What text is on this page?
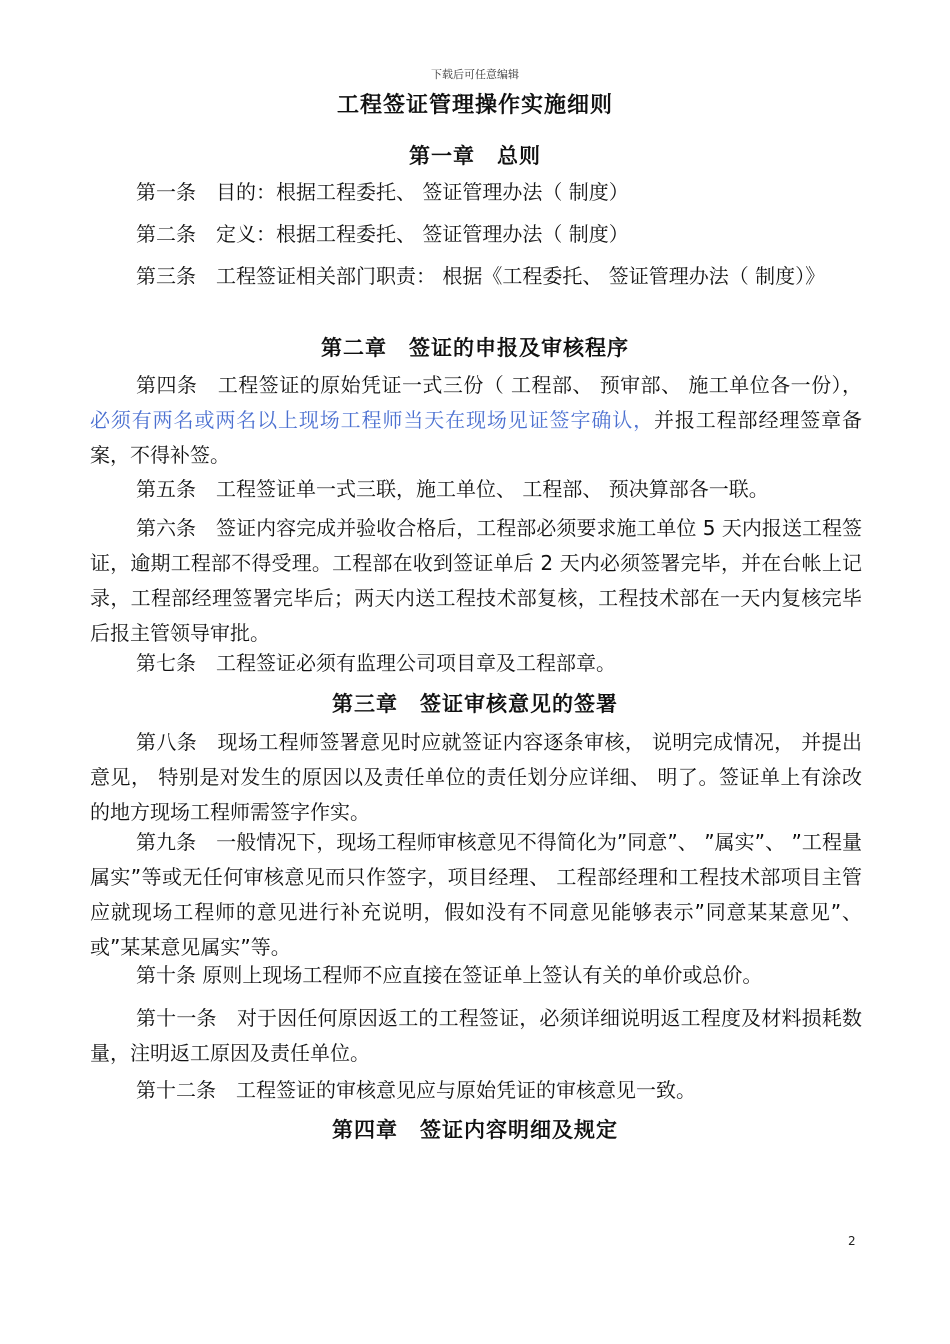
下载后可任意编辑
工程签证管理操作实施细则
第一章　总则
第一条　目的：根据工程委托、 签证管理办法（ 制度）
第二条　定义：根据工程委托、 签证管理办法（ 制度）
第三条　工程签证相关部门职责： 根据《工程委托、 签证管理办法（ 制度）》
第二章　签证的申报及审核程序
第四条　工程签证的原始凭证一式三份（ 工程部、 预审部、 施工单位各一份），必须有两名或两名以上现场工程师当天在现场见证签字确认，并报工程部经理签章备案，不得补签。
第五条　工程签证单一式三联，施工单位、 工程部、 预决算部各一联。
第六条　签证内容完成并验收合格后，工程部必须要求施工单位 5 天内报送工程签证，逾期工程部不得受理。工程部在收到签证单后 2 天内必须签署完毕，并在台帐上记录，工程部经理签署完毕后；两天内送工程技术部复核，工程技术部在一天内复核完毕后报主管领导审批。
第七条　工程签证必须有监理公司项目章及工程部章。
第三章　签证审核意见的签署
第八条　现场工程师签署意见时应就签证内容逐条审核， 说明完成情况， 并提出意见， 特别是对发生的原因以及责任单位的责任划分应详细、 明了。签证单上有涂改的地方现场工程师需签字作实。
第九条　一般情况下，现场工程师审核意见不得简化为”同意”、 ”属实”、 ”工程量属实”等或无任何审核意见而只作签字，项目经理、 工程部经理和工程技术部项目主管应就现场工程师的意见进行补充说明，假如没有不同意见能够表示”同意某某意见”、 或”某某意见属实”等。
第十条 原则上现场工程师不应直接在签证单上签认有关的单价或总价。
第十一条　对于因任何原因返工的工程签证，必须详细说明返工程度及材料损耗数量，注明返工原因及责任单位。
第十二条　工程签证的审核意见应与原始凭证的审核意见一致。
第四章　签证内容明细及规定
2
